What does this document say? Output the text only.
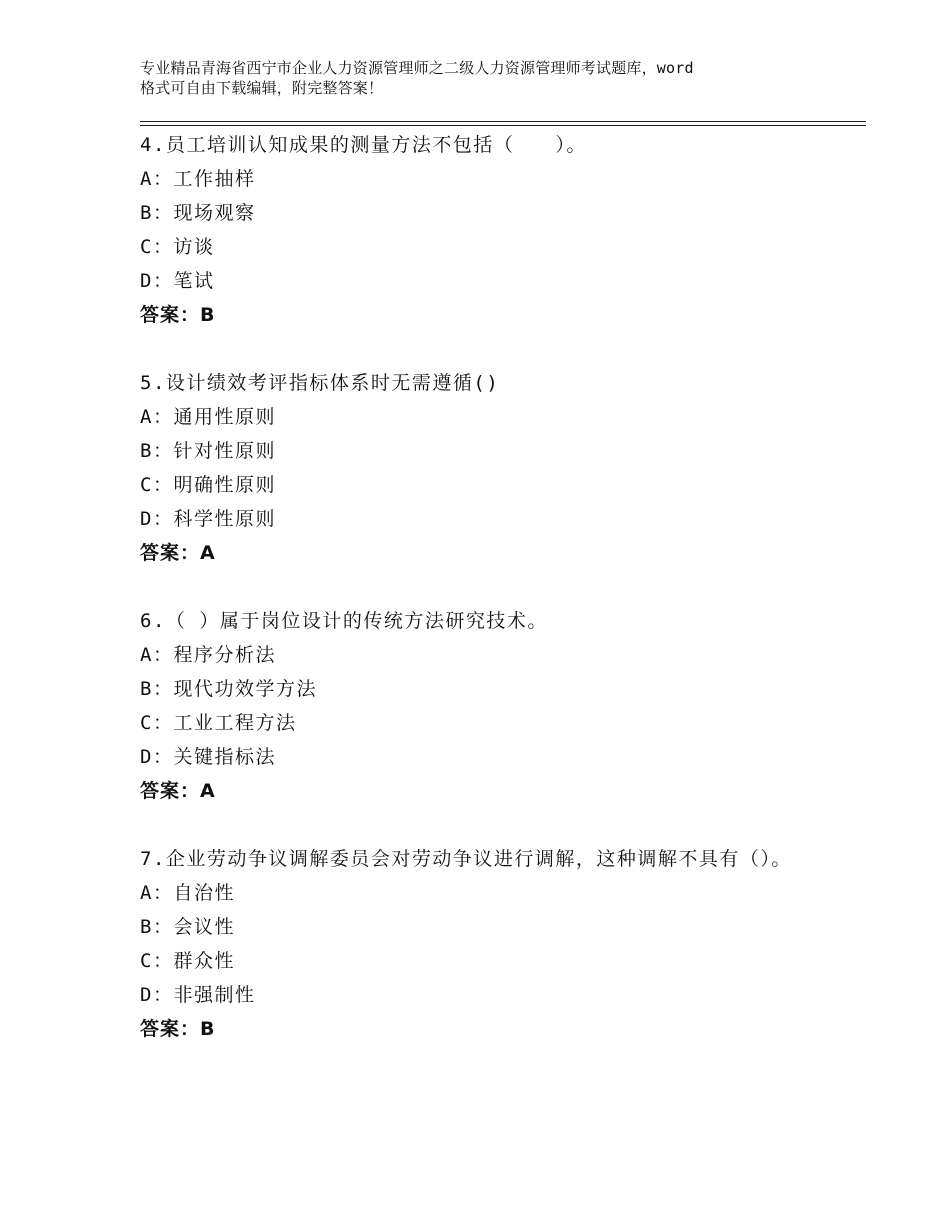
专业精品青海省西宁市企业人力资源管理师之二级人力资源管理师考试题库，word
格式可自由下载编辑，附完整答案！
4.员工培训认知成果的测量方法不包括（　　）。
A：工作抽样
B：现场观察
C：访谈
D：笔试
答案：B
5.设计绩效考评指标体系时无需遵循()
A：通用性原则
B：针对性原则
C：明确性原则
D：科学性原则
答案：A
6.（ ）属于岗位设计的传统方法研究技术。
A：程序分析法
B：现代功效学方法
C：工业工程方法
D：关键指标法
答案：A
7.企业劳动争议调解委员会对劳动争议进行调解，这种调解不具有（）。
A：自治性
B：会议性
C：群众性
D：非强制性
答案：B
